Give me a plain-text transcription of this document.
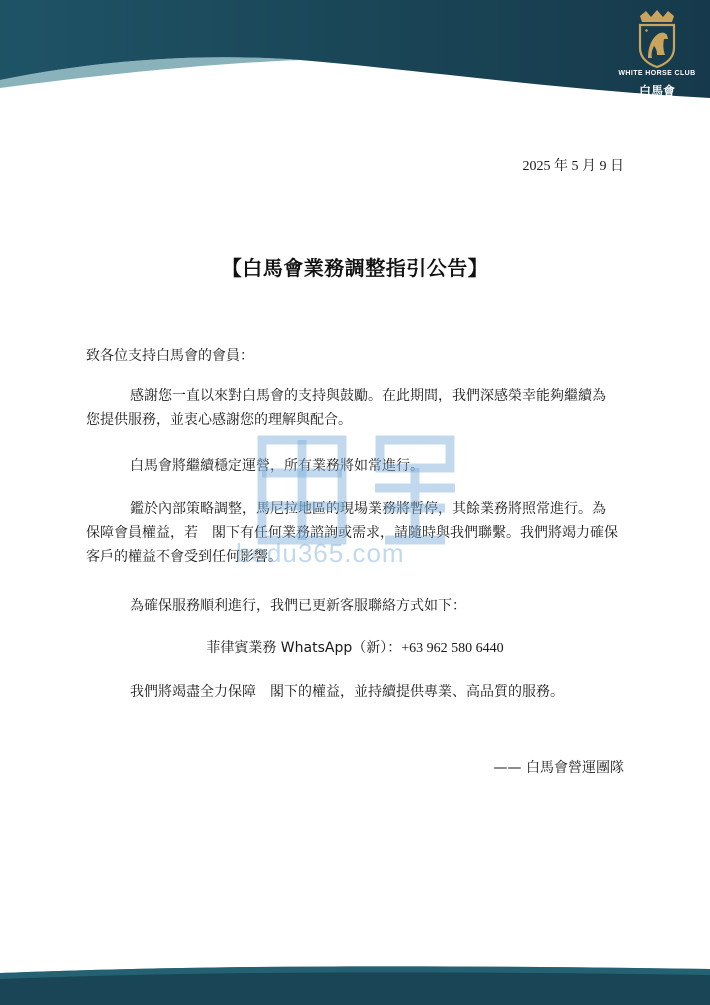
WHITE HORSE CLUB
白馬會
2025 年 5 月 9 日
【白馬會業務調整指引公告】
致各位支持白馬會的會員：
感謝您一直以來對白馬會的支持與鼓勵。在此期間，我們深感榮幸能夠繼續為您提供服務，並衷心感謝您的理解與配合。
白馬會將繼續穩定運營，所有業務將如常進行。
鑑於內部策略調整，馬尼拉地區的現場業務將暫停，其餘業務將照常進行。為保障會員權益，若　閣下有任何業務諮詢或需求，請隨時與我們聯繫。我們將竭力確保客戶的權益不會受到任何影響。
為確保服務順利進行，我們已更新客服聯絡方式如下：
菲律賓業務 WhatsApp（新）：+63 962 580 6440
我們將竭盡全力保障　閣下的權益，並持續提供專業、高品質的服務。
—— 白馬會營運團隊
bodu365.com
